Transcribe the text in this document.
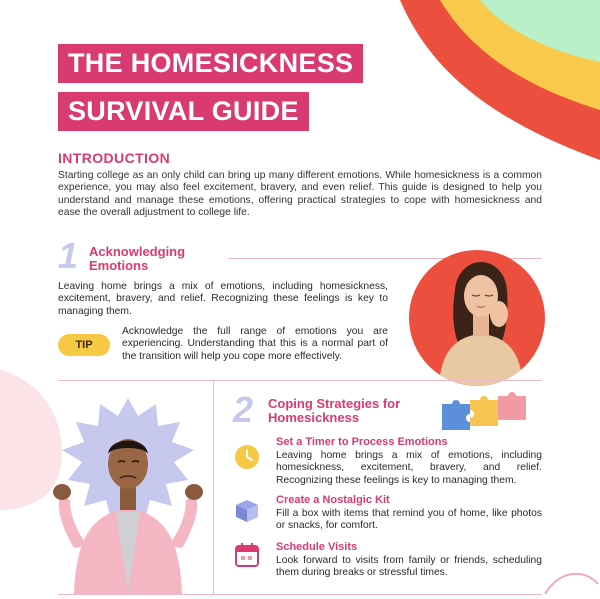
THE HOMESICKNESS
SURVIVAL GUIDE
INTRODUCTION

Starting college as an only child can bring up many different emotions. While homesickness is a common experience, you may also feel excitement, bravery, and even relief. This guide is designed to help you understand and manage these emotions, offering practical strategies to cope with homesickness and ease the overall adjustment to college life.

1 Acknowledging Emotions

Leaving home brings a mix of emotions, including homesickness, excitement, bravery, and relief. Recognizing these feelings is key to managing them.

TIP

Acknowledge the full range of emotions you are experiencing. Understanding that this is a normal part of the transition will help you cope more effectively.

2 Coping Strategies for Homesickness
Set a Timer to Process Emotions

Leaving home brings a mix of emotions, including homesickness, excitement, bravery, and relief. Recognizing these feelings is key to managing them.

Create a Nostalgic Kit

Fill a box with items that remind you of home, like photos or snacks, for comfort.

Schedule Visits

Look forward to visits from family or friends, scheduling them during breaks or stressful times.
